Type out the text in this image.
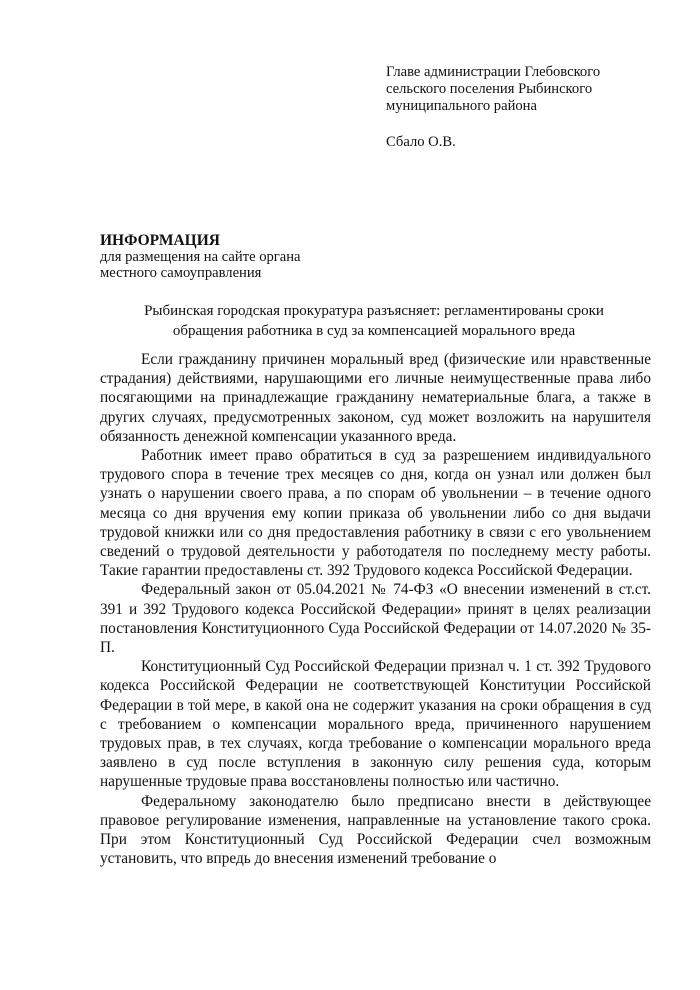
Главе администрации Глебовского
сельского поселения Рыбинского
муниципального района
Сбало О.В.
ИНФОРМАЦИЯ
для размещения на сайте органа
местного самоуправления
Рыбинская городская прокуратура разъясняет: регламентированы сроки
обращения работника в суд за компенсацией морального вреда

Если гражданину причинен моральный вред (физические или нравственные страдания) действиями, нарушающими его личные неимущественные права либо посягающими на принадлежащие гражданину нематериальные блага, а также в других случаях, предусмотренных законом, суд может возложить на нарушителя обязанность денежной компенсации указанного вреда.

Работник имеет право обратиться в суд за разрешением индивидуального трудового спора в течение трех месяцев со дня, когда он узнал или должен был узнать о нарушении своего права, а по спорам об увольнении – в течение одного месяца со дня вручения ему копии приказа об увольнении либо со дня выдачи трудовой книжки или со дня предоставления работнику в связи с его увольнением сведений о трудовой деятельности у работодателя по последнему месту работы. Такие гарантии предоставлены ст. 392 Трудового кодекса Российской Федерации.

Федеральный закон от 05.04.2021 № 74-ФЗ «О внесении изменений в ст.ст. 391 и 392 Трудового кодекса Российской Федерации» принят в целях реализации постановления Конституционного Суда Российской Федерации от 14.07.2020 № 35-П.

Конституционный Суд Российской Федерации признал ч. 1 ст. 392 Трудового кодекса Российской Федерации не соответствующей Конституции Российской Федерации в той мере, в какой она не содержит указания на сроки обращения в суд с требованием о компенсации морального вреда, причиненного нарушением трудовых прав, в тех случаях, когда требование о компенсации морального вреда заявлено в суд после вступления в законную силу решения суда, которым нарушенные трудовые права восстановлены полностью или частично.

Федеральному законодателю было предписано внести в действующее правовое регулирование изменения, направленные на установление такого срока. При этом Конституционный Суд Российской Федерации счел возможным установить, что впредь до внесения изменений требование о
